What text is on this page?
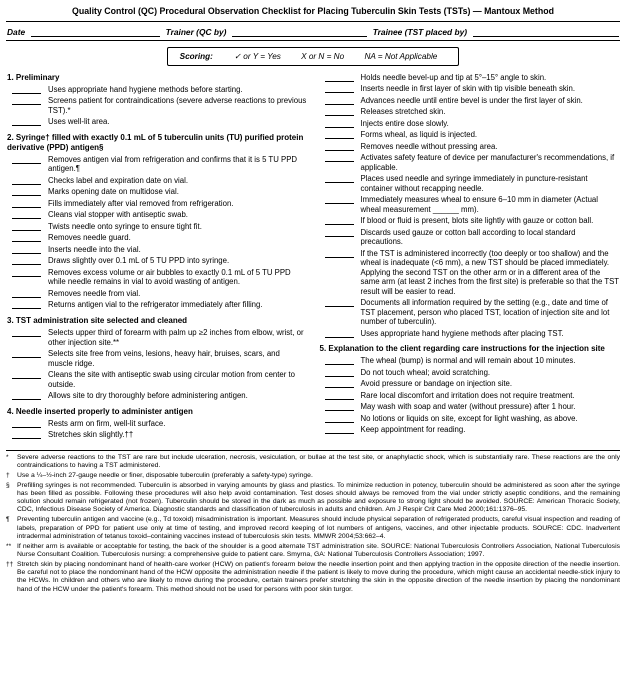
Quality Control (QC) Procedural Observation Checklist for Placing Tuberculin Skin Tests (TSTs) — Mantoux Method
Date	Trainer (QC by)	Trainee (TST placed by)
Scoring:	✓ or Y = Yes X or N = No NA = Not Applicable
1. Preliminary
Uses appropriate hand hygiene methods before starting.
Screens patient for contraindications (severe adverse reactions to previous TST).*
Uses well-lit area.
2. Syringe† filled with exactly 0.1 mL of 5 tuberculin units (TU) purified protein derivative (PPD) antigen§
Removes antigen vial from refrigeration and confirms that it is 5 TU PPD antigen.¶
Checks label and expiration date on vial.
Marks opening date on multidose vial.
Fills immediately after vial removed from refrigeration.
Cleans vial stopper with antiseptic swab.
Twists needle onto syringe to ensure tight fit.
Removes needle guard.
Inserts needle into the vial.
Draws slightly over 0.1 mL of 5 TU PPD into syringe.
Removes excess volume or air bubbles to exactly 0.1 mL of 5 TU PPD while needle remains in vial to avoid wasting of antigen.
Removes needle from vial.
Returns antigen vial to the refrigerator immediately after filling.
3. TST administration site selected and cleaned
Selects upper third of forearm with palm up ≥2 inches from elbow, wrist, or other injection site.**
Selects site free from veins, lesions, heavy hair, bruises, scars, and muscle ridge.
Cleans the site with antiseptic swab using circular motion from center to outside.
Allows site to dry thoroughly before administering antigen.
4. Needle inserted properly to administer antigen
Rests arm on firm, well-lit surface.
Stretches skin slightly.††
Holds needle bevel-up and tip at 5°–15° angle to skin.
Inserts needle in first layer of skin with tip visible beneath skin.
Advances needle until entire bevel is under the first layer of skin.
Releases stretched skin.
Injects entire dose slowly.
Forms wheal, as liquid is injected.
Removes needle without pressing area.
Activates safety feature of device per manufacturer's recommendations, if applicable.
Places used needle and syringe immediately in puncture-resistant container without recapping needle.
Immediately measures wheal to ensure 6–10 mm in diameter (Actual wheal measurement ______ mm).
If blood or fluid is present, blots site lightly with gauze or cotton ball.
Discards used gauze or cotton ball according to local standard precautions.
If the TST is administered incorrectly (too deeply or too shallow) and the wheal is inadequate (<6 mm), a new TST should be placed immediately. Applying the second TST on the other arm or in a different area of the same arm (at least 2 inches from the first site) is preferable so that the TST result will be easier to read.
Documents all information required by the setting (e.g., date and time of TST placement, person who placed TST, location of injection site and lot number of tuberculin).
Uses appropriate hand hygiene methods after placing TST.
5. Explanation to the client regarding care instructions for the injection site
The wheal (bump) is normal and will remain about 10 minutes.
Do not touch wheal; avoid scratching.
Avoid pressure or bandage on injection site.
Rare local discomfort and irritation does not require treatment.
May wash with soap and water (without pressure) after 1 hour.
No lotions or liquids on site, except for light washing, as above.
Keep appointment for reading.
*	Severe adverse reactions to the TST are rare but include ulceration, necrosis, vesiculation, or bullae at the test site, or anaphylactic shock, which is substantially rare. These reactions are the only contraindications to having a TST administered.
†	Use a ¼–½-inch 27-gauge needle or finer, disposable tuberculin (preferably a safety-type) syringe.
§	Prefilling syringes is not recommended. Tuberculin is absorbed in varying amounts by glass and plastics. To minimize reduction in potency, tuberculin should be administered as soon after the syringe has been filled as possible. Following these procedures will also help avoid contamination. Test doses should always be removed from the vial under strictly aseptic conditions, and the remaining solution should remain refrigerated (not frozen). Tuberculin should be stored in the dark as much as possible and exposure to strong light should be avoided. SOURCE: American Thoracic Society, CDC, Infectious Disease Society of America. Diagnostic standards and classification of tuberculosis in adults and children. Am J Respir Crit Care Med 2000;161:1376–95.
¶	Preventing tuberculin antigen and vaccine (e.g., Td toxoid) misadministration is important. Measures should include physical separation of refrigerated products, careful visual inspection and reading of labels, preparation of PPD for patient use only at time of testing, and improved record keeping of lot numbers of antigens, vaccines, and other injectable products. SOURCE: CDC. Inadvertent intradermal administration of tetanus toxoid–containing vaccines instead of tuberculosis skin tests. MMWR 2004;53:662–4.
** If neither arm is available or acceptable for testing, the back of the shoulder is a good alternate TST administration site. SOURCE: National Tuberculosis Controllers Association, National Tuberculosis Nurse Consultant Coalition. Tuberculosis nursing: a comprehensive guide to patient care. Smyrna, GA: National Tuberculosis Controllers Association; 1997.
†† Stretch skin by placing nondominant hand of health-care worker (HCW) on patient's forearm below the needle insertion point and then applying traction in the opposite direction of the needle insertion. Be careful not to place the nondominant hand of the HCW opposite the administration needle if the patient is likely to move during the procedure, which might cause an accidental needle-stick injury to the HCWs. In children and others who are likely to move during the procedure, certain trainers prefer stretching the skin in the opposite direction of the needle insertion by placing the nondominant hand of the HCW under the patient's forearm. This method should not be used for persons with poor skin turgor.
